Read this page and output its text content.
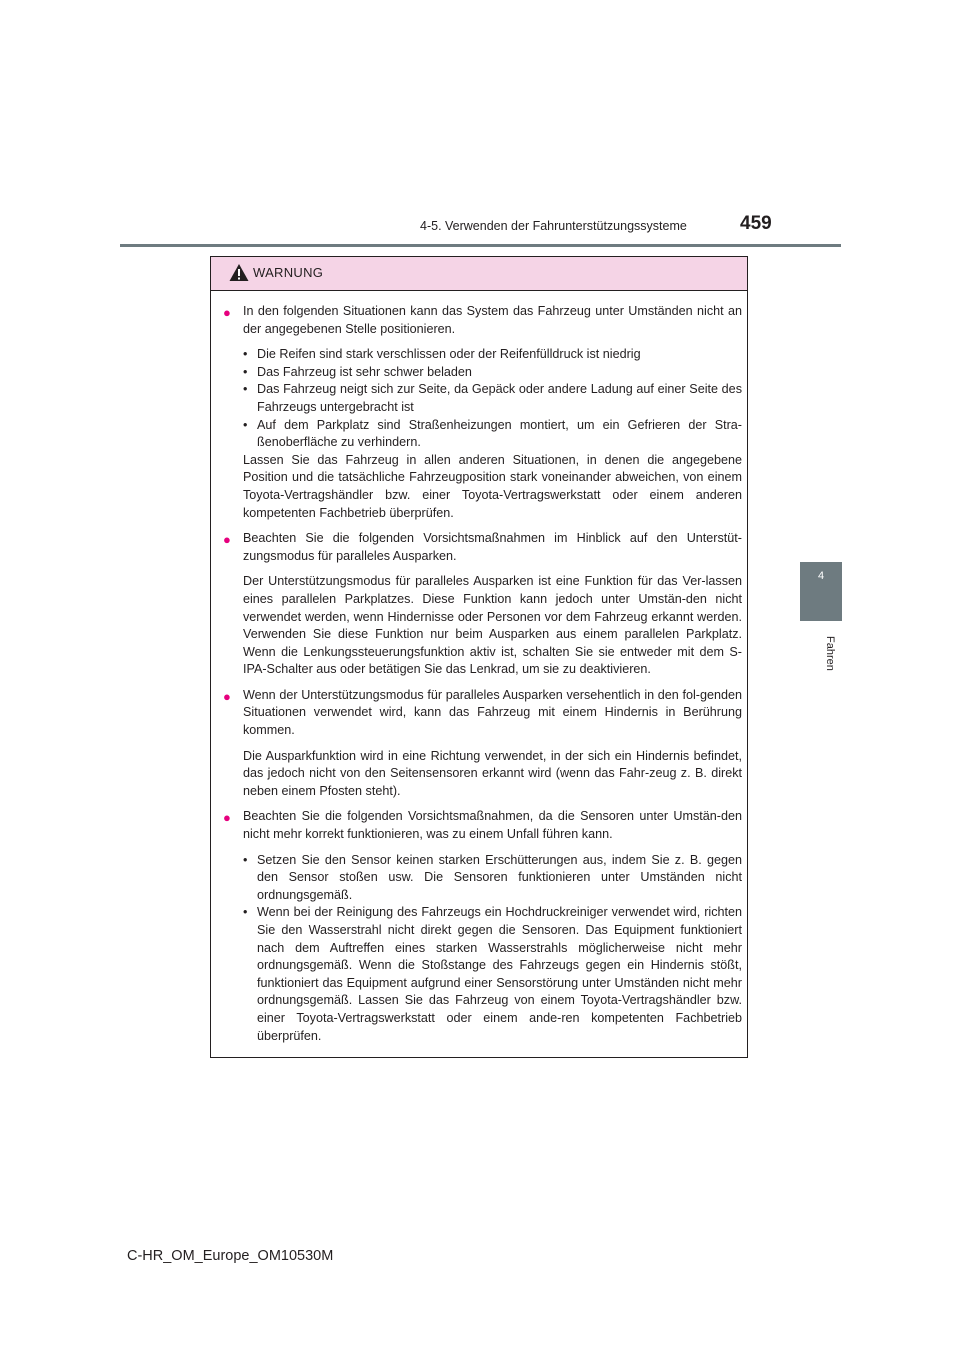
4-5. Verwenden der Fahrunterstützungssysteme	459
4
Fahren
WARNUNG
● In den folgenden Situationen kann das System das Fahrzeug unter Umständen nicht an der angegebenen Stelle positionieren.
• Die Reifen sind stark verschlissen oder der Reifenfülldruck ist niedrig
• Das Fahrzeug ist sehr schwer beladen
• Das Fahrzeug neigt sich zur Seite, da Gepäck oder andere Ladung auf einer Seite des Fahrzeugs untergebracht ist
• Auf dem Parkplatz sind Straßenheizungen montiert, um ein Gefrieren der Stra-ßenoberfläche zu verhindern.
Lassen Sie das Fahrzeug in allen anderen Situationen, in denen die angegebene Position und die tatsächliche Fahrzeugposition stark voneinander abweichen, von einem Toyota-Vertragshändler bzw. einer Toyota-Vertragswerkstatt oder einem anderen kompetenten Fachbetrieb überprüfen.
● Beachten Sie die folgenden Vorsichtsmaßnahmen im Hinblick auf den Unterstüt-zungsmodus für paralleles Ausparken.
Der Unterstützungsmodus für paralleles Ausparken ist eine Funktion für das Ver-lassen eines parallelen Parkplatzes. Diese Funktion kann jedoch unter Umstän-den nicht verwendet werden, wenn Hindernisse oder Personen vor dem Fahrzeug erkannt werden. Verwenden Sie diese Funktion nur beim Ausparken aus einem parallelen Parkplatz. Wenn die Lenkungssteuerungsfunktion aktiv ist, schalten Sie sie entweder mit dem S-IPA-Schalter aus oder betätigen Sie das Lenkrad, um sie zu deaktivieren.
● Wenn der Unterstützungsmodus für paralleles Ausparken versehentlich in den fol-genden Situationen verwendet wird, kann das Fahrzeug mit einem Hindernis in Berührung kommen.
Die Ausparkfunktion wird in eine Richtung verwendet, in der sich ein Hindernis befindet, das jedoch nicht von den Seitensensoren erkannt wird (wenn das Fahr-zeug z. B. direkt neben einem Pfosten steht).
● Beachten Sie die folgenden Vorsichtsmaßnahmen, da die Sensoren unter Umstän-den nicht mehr korrekt funktionieren, was zu einem Unfall führen kann.
• Setzen Sie den Sensor keinen starken Erschütterungen aus, indem Sie z. B. gegen den Sensor stoßen usw. Die Sensoren funktionieren unter Umständen nicht ordnungsgemäß.
• Wenn bei der Reinigung des Fahrzeugs ein Hochdruckreiniger verwendet wird, richten Sie den Wasserstrahl nicht direkt gegen die Sensoren. Das Equipment funktioniert nach dem Auftreffen eines starken Wasserstrahls möglicherweise nicht mehr ordnungsgemäß. Wenn die Stoßstange des Fahrzeugs gegen ein Hindernis stößt, funktioniert das Equipment aufgrund einer Sensorstörung unter Umständen nicht mehr ordnungsgemäß. Lassen Sie das Fahrzeug von einem Toyota-Vertragshändler bzw. einer Toyota-Vertragswerkstatt oder einem ande-ren kompetenten Fachbetrieb überprüfen.
C-HR_OM_Europe_OM10530M
